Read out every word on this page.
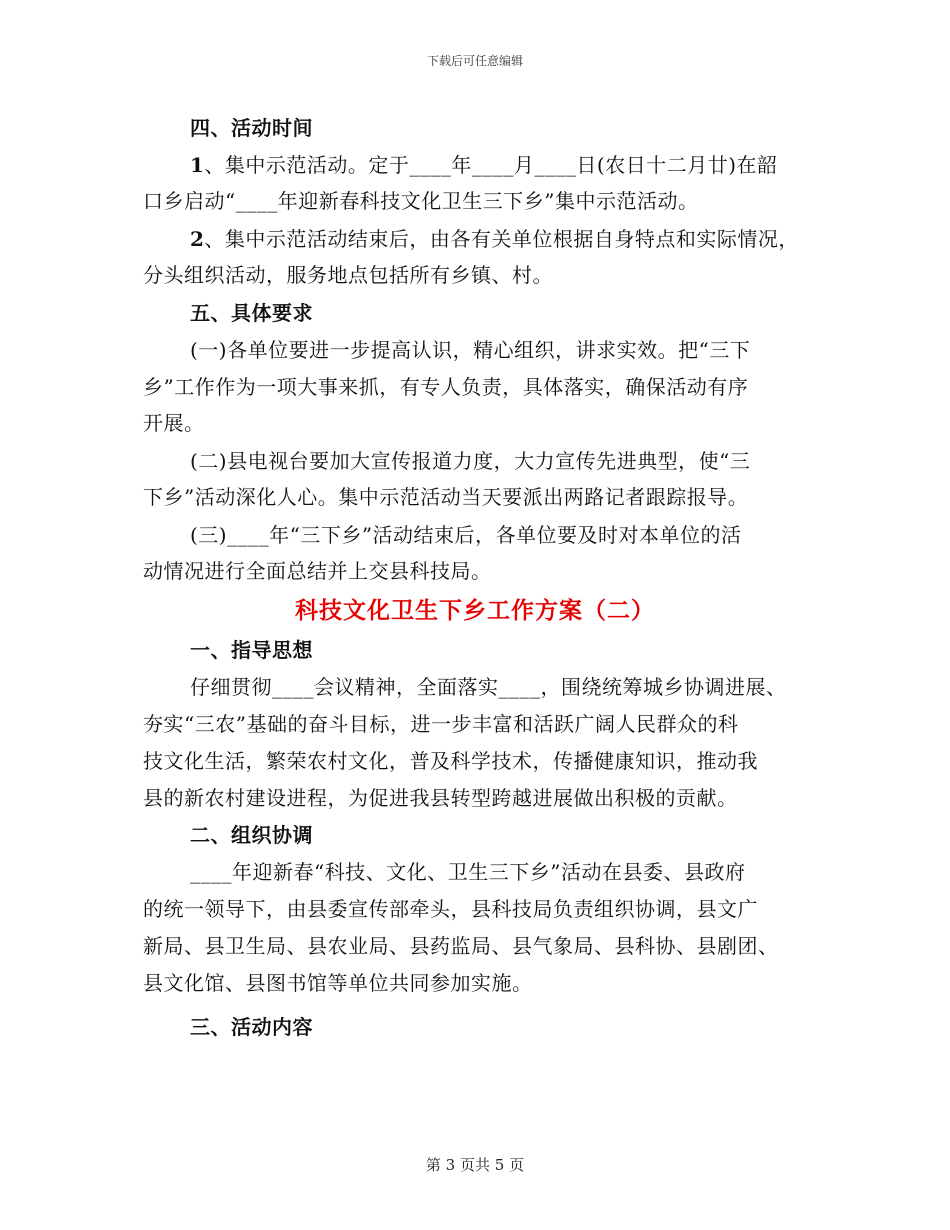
下载后可任意编辑
四、活动时间
1、集中示范活动。定于____年____月____日(农日十二月廿)在韶
口乡启动“____年迎新春科技文化卫生三下乡”集中示范活动。
2、集中示范活动结束后，由各有关单位根据自身特点和实际情况，
分头组织活动，服务地点包括所有乡镇、村。
五、具体要求
(一)各单位要进一步提高认识，精心组织，讲求实效。把“三下
乡”工作作为一项大事来抓，有专人负责，具体落实，确保活动有序
开展。
(二)县电视台要加大宣传报道力度，大力宣传先进典型，使“三
下乡”活动深化人心。集中示范活动当天要派出两路记者跟踪报导。
(三)____年“三下乡”活动结束后，各单位要及时对本单位的活
动情况进行全面总结并上交县科技局。
科技文化卫生下乡工作方案（二）
一、指导思想
仔细贯彻____会议精神，全面落实____，围绕统筹城乡协调进展、
夯实“三农”基础的奋斗目标，进一步丰富和活跃广阔人民群众的科
技文化生活，繁荣农村文化，普及科学技术，传播健康知识，推动我
县的新农村建设进程，为促进我县转型跨越进展做出积极的贡献。
二、组织协调
____年迎新春“科技、文化、卫生三下乡”活动在县委、县政府
的统一领导下，由县委宣传部牵头，县科技局负责组织协调，县文广
新局、县卫生局、县农业局、县药监局、县气象局、县科协、县剧团、
县文化馆、县图书馆等单位共同参加实施。
三、活动内容
第 3 页共 5 页
